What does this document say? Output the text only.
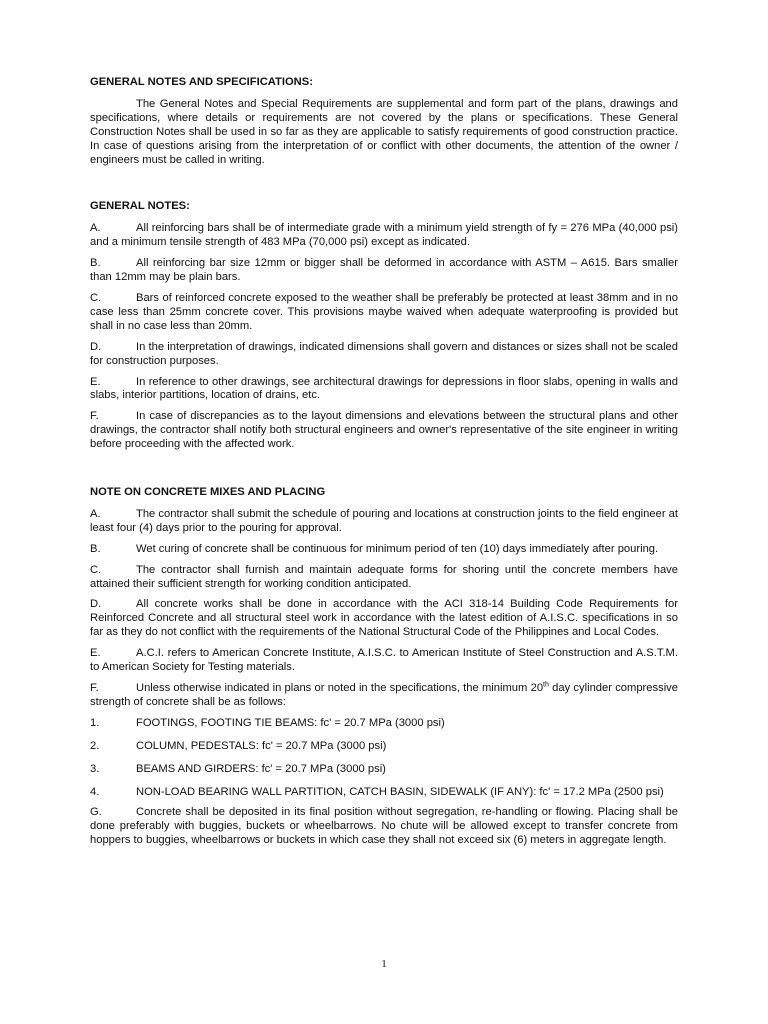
GENERAL NOTES AND SPECIFICATIONS:

The General Notes and Special Requirements are supplemental and form part of the plans, drawings and specifications, where details or requirements are not covered by the plans or specifications. These General Construction Notes shall be used in so far as they are applicable to satisfy requirements of good construction practice. In case of questions arising from the interpretation of or conflict with other documents, the attention of the owner / engineers must be called in writing.

GENERAL NOTES:

A.	All reinforcing bars shall be of intermediate grade with a minimum yield strength of fy = 276 MPa (40,000 psi) and a minimum tensile strength of 483 MPa (70,000 psi) except as indicated.
B.	All reinforcing bar size 12mm or bigger shall be deformed in accordance with ASTM – A615. Bars smaller than 12mm may be plain bars.
C.	Bars of reinforced concrete exposed to the weather shall be preferably be protected at least 38mm and in no case less than 25mm concrete cover. This provisions maybe waived when adequate waterproofing is provided but shall in no case less than 20mm.
D.	In the interpretation of drawings, indicated dimensions shall govern and distances or sizes shall not be scaled for construction purposes.
E.	In reference to other drawings, see architectural drawings for depressions in floor slabs, opening in walls and slabs, interior partitions, location of drains, etc.
F.	In case of discrepancies as to the layout dimensions and elevations between the structural plans and other drawings, the contractor shall notify both structural engineers and owner's representative of the site engineer in writing before proceeding with the affected work.

NOTE ON CONCRETE MIXES AND PLACING

A.	The contractor shall submit the schedule of pouring and locations at construction joints to the field engineer at least four (4) days prior to the pouring for approval.
B.	Wet curing of concrete shall be continuous for minimum period of ten (10) days immediately after pouring.
C.	The contractor shall furnish and maintain adequate forms for shoring until the concrete members have attained their sufficient strength for working condition anticipated.
D.	All concrete works shall be done in accordance with the ACI 318-14 Building Code Requirements for Reinforced Concrete and all structural steel work in accordance with the latest edition of A.I.S.C. specifications in so far as they do not conflict with the requirements of the National Structural Code of the Philippines and Local Codes.
E.	A.C.I. refers to American Concrete Institute, A.I.S.C. to American Institute of Steel Construction and A.S.T.M. to American Society for Testing materials.
F.	Unless otherwise indicated in plans or noted in the specifications, the minimum 20th day cylinder compressive strength of concrete shall be as follows:
1.	FOOTINGS, FOOTING TIE BEAMS: fc' = 20.7 MPa (3000 psi)
2.	COLUMN, PEDESTALS: fc' = 20.7 MPa (3000 psi)
3.	BEAMS AND GIRDERS: fc' = 20.7 MPa (3000 psi)
4.	NON-LOAD BEARING WALL PARTITION, CATCH BASIN, SIDEWALK (IF ANY): fc' = 17.2 MPa (2500 psi)
G.	Concrete shall be deposited in its final position without segregation, re-handling or flowing. Placing shall be done preferably with buggies, buckets or wheelbarrows. No chute will be allowed except to transfer concrete from hoppers to buggies, wheelbarrows or buckets in which case they shall not exceed six (6) meters in aggregate length.
1
